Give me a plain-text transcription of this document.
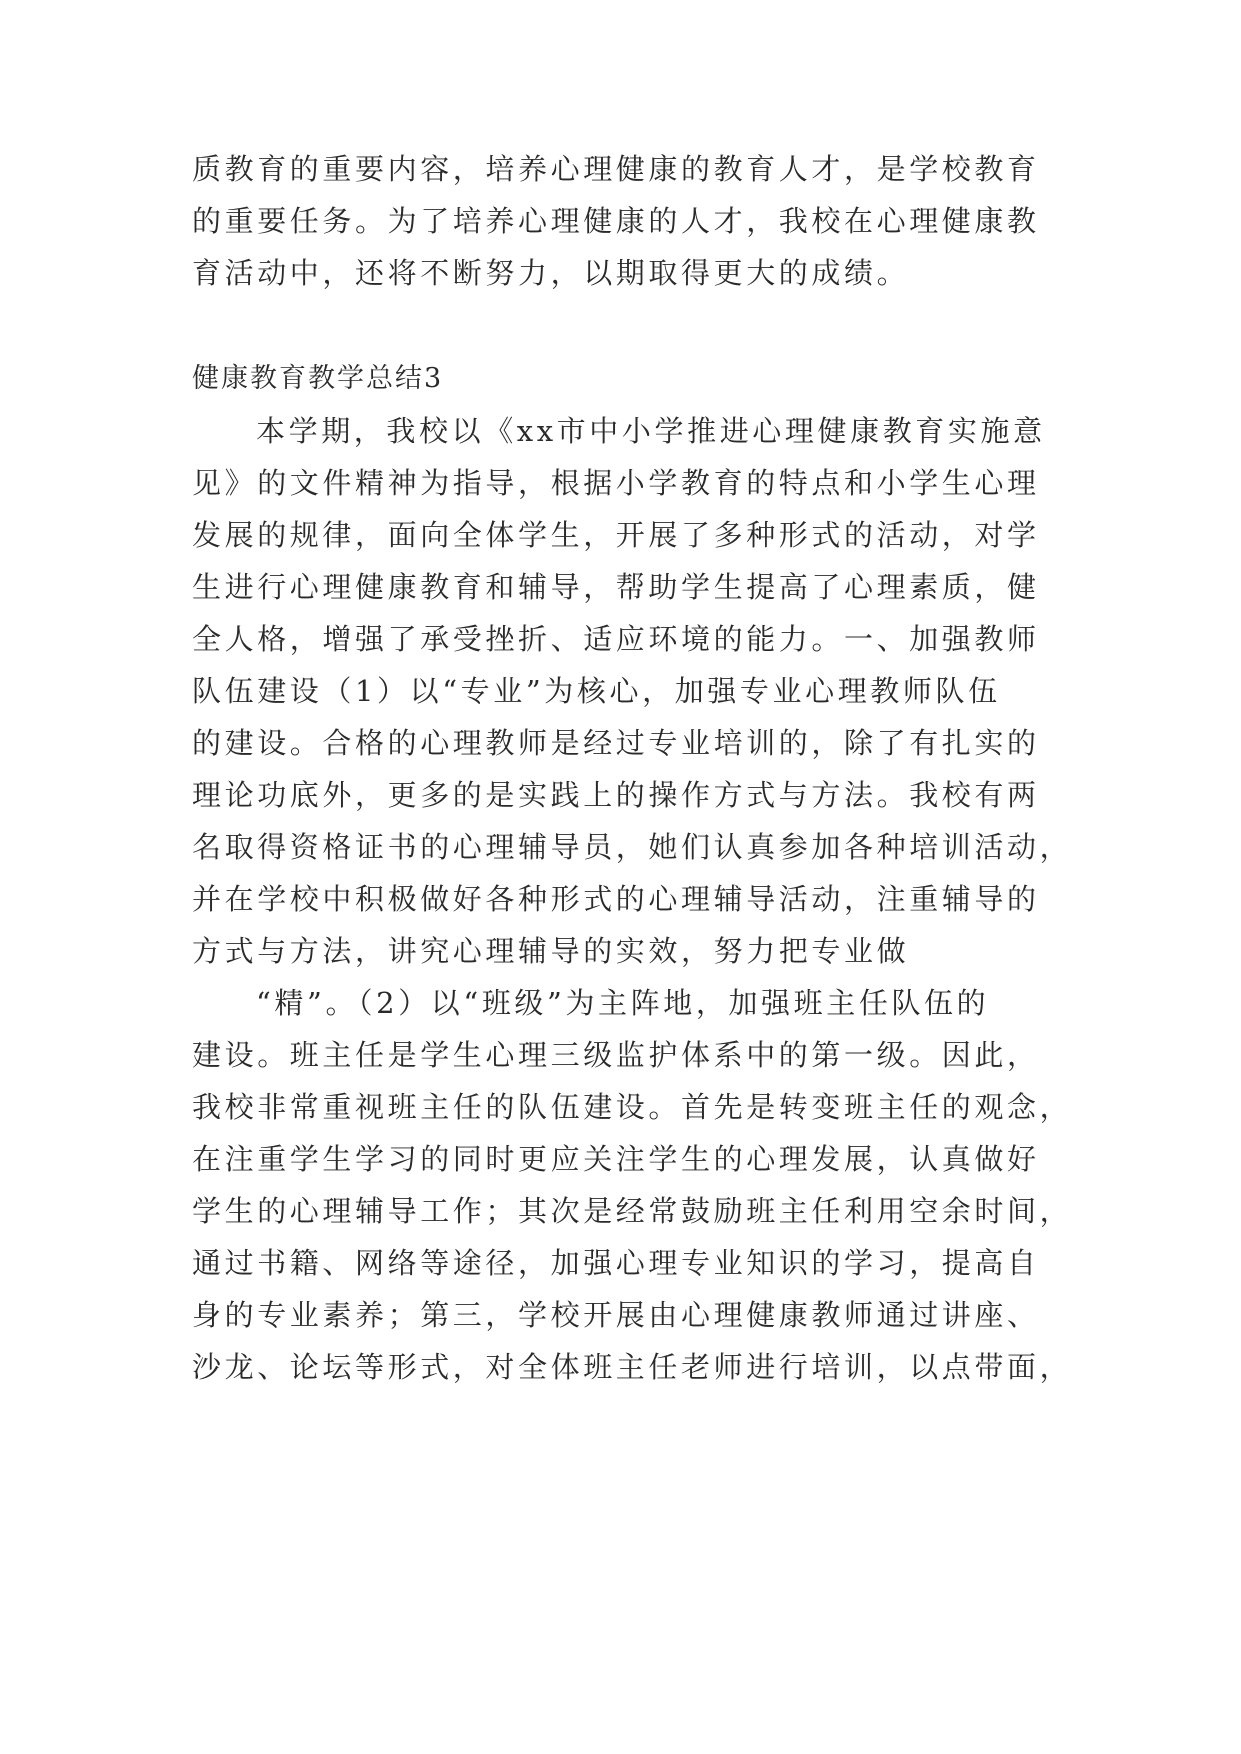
质教育的重要内容，培养心理健康的教育人才，是学校教育
的重要任务。为了培养心理健康的人才，我校在心理健康教
育活动中，还将不断努力，以期取得更大的成绩。
健康教育教学总结3
本学期，我校以《xx市中小学推进心理健康教育实施意
见》的文件精神为指导，根据小学教育的特点和小学生心理
发展的规律，面向全体学生，开展了多种形式的活动，对学
生进行心理健康教育和辅导，帮助学生提高了心理素质，健
全人格，增强了承受挫折、适应环境的能力。一、加强教师
队伍建设（1）以“专业”为核心，加强专业心理教师队伍
的建设。合格的心理教师是经过专业培训的，除了有扎实的
理论功底外，更多的是实践上的操作方式与方法。我校有两
名取得资格证书的心理辅导员，她们认真参加各种培训活动，
并在学校中积极做好各种形式的心理辅导活动，注重辅导的
方式与方法，讲究心理辅导的实效，努力把专业做
“精”。（2）以“班级”为主阵地，加强班主任队伍的
建设。班主任是学生心理三级监护体系中的第一级。因此，
我校非常重视班主任的队伍建设。首先是转变班主任的观念，
在注重学生学习的同时更应关注学生的心理发展，认真做好
学生的心理辅导工作；其次是经常鼓励班主任利用空余时间，
通过书籍、网络等途径，加强心理专业知识的学习，提高自
身的专业素养；第三，学校开展由心理健康教师通过讲座、
沙龙、论坛等形式，对全体班主任老师进行培训，以点带面，
